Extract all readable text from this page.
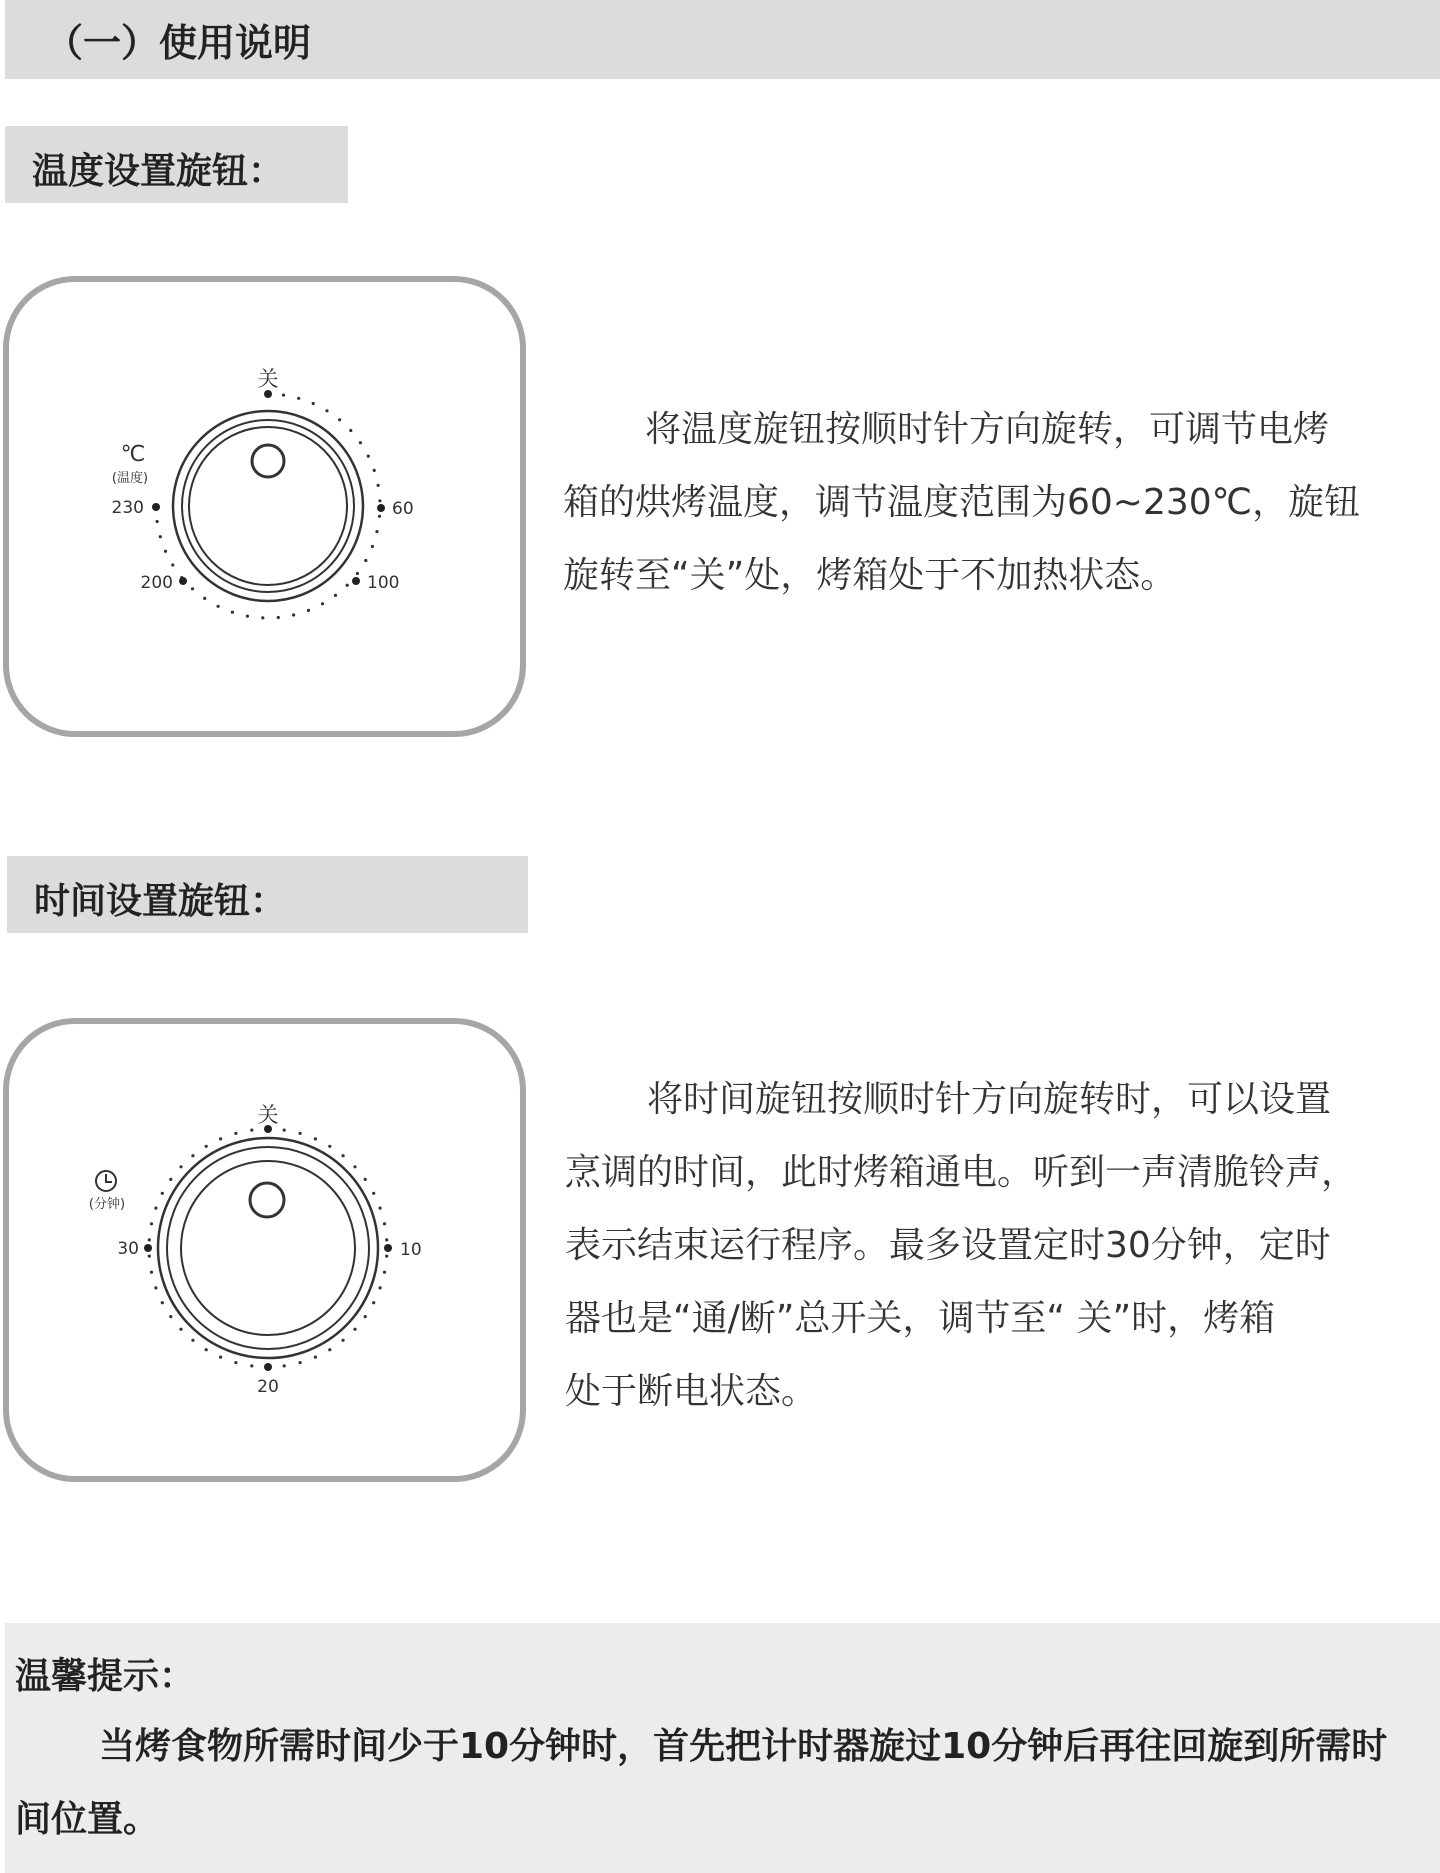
（一）使用说明
温度设置旋钮：
关
℃
(温度)
60
100
200
230
将温度旋钮按顺时针方向旋转，可调节电烤
箱的烘烤温度，调节温度范围为60~230℃，旋钮
旋转至“关”处，烤箱处于不加热状态。
时间设置旋钮：
关
(分钟)
10
20
30
将时间旋钮按顺时针方向旋转时，可以设置
烹调的时间，此时烤箱通电。听到一声清脆铃声，
表示结束运行程序。最多设置定时30分钟，定时
器也是“通/断”总开关，调节至“ 关”时，烤箱
处于断电状态。
温馨提示：
当烤食物所需时间少于10分钟时，首先把计时器旋过10分钟后再往回旋到所需时
间位置。
